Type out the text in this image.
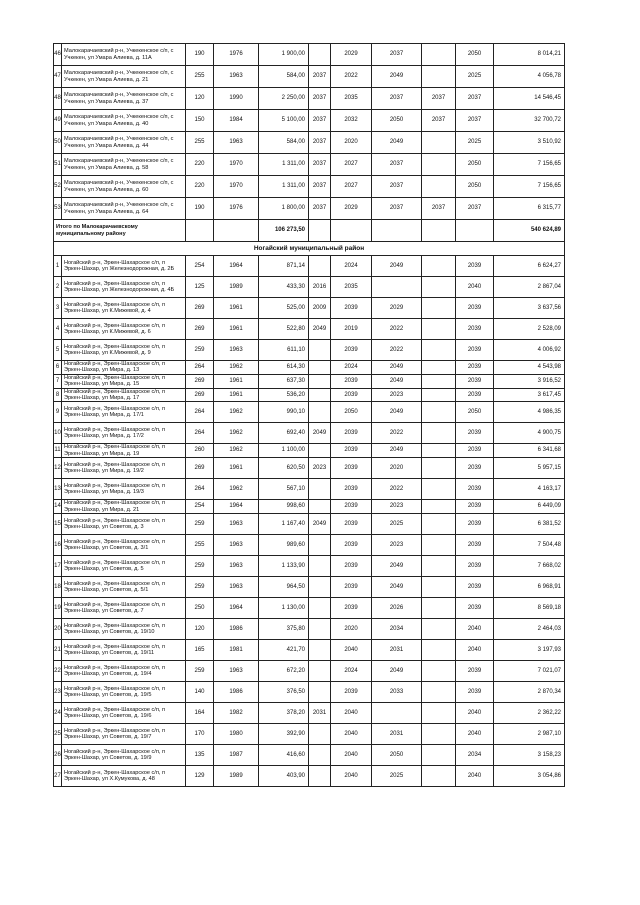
46	Малокарачаевский р-н, Учкекенское с/п, с Учкекен, ул Умара Алиева, д. 11А	190	1976	1 900,00		2029	2037		2050	8 014,21
47	Малокарачаевский р-н, Учкекенское с/п, с Учкекен, ул Умара Алиева, д. 21	255	1963	584,00	2037	2022	2049		2025	4 056,78
48	Малокарачаевский р-н, Учкекенское с/п, с Учкекен, ул Умара Алиева, д. 37	120	1990	2 250,00	2037	2035	2037	2037	2037	14 546,45
49	Малокарачаевский р-н, Учкекенское с/п, с Учкекен, ул Умара Алиева, д. 40	150	1984	5 100,00	2037	2032	2050	2037	2037	32 700,72
50	Малокарачаевский р-н, Учкекенское с/п, с Учкекен, ул Умара Алиева, д. 44	255	1963	584,00	2037	2020	2049		2025	3 510,92
51	Малокарачаевский р-н, Учкекенское с/п, с Учкекен, ул Умара Алиева, д. 58	220	1970	1 311,00	2037	2027	2037		2050	7 156,65
52	Малокарачаевский р-н, Учкекенское с/п, с Учкекен, ул Умара Алиева, д. 60	220	1970	1 311,00	2037	2027	2037		2050	7 156,65
53	Малокарачаевский р-н, Учкекенское с/п, с Учкекен, ул Умара Алиева, д. 64	190	1976	1 800,00	2037	2029	2037	2037	2037	6 315,77
Итого по Малокарачаевскому муниципальному району				106 273,50						540 624,89
Ногайский муниципальный район										
1	Ногайский р-н, Эркен-Шахарское с/п, п Эркен-Шахар, ул Железнодорожная, д. 2Б	254	1964	871,14		2024	2049		2039	6 624,27
2	Ногайский р-н, Эркен-Шахарское с/п, п Эркен-Шахар, ул Железнодорожная, д. 4Б	125	1989	433,30	2016	2035			2040	2 867,04
3	Ногайский р-н, Эркен-Шахарское с/п, п Эркен-Шахар, ул К.Мижевой, д. 4	269	1961	525,00	2009	2039	2029		2039	3 637,56
4	Ногайский р-н, Эркен-Шахарское с/п, п Эркен-Шахар, ул К.Мижевой, д. 6	269	1961	522,80	2049	2019	2022		2039	2 528,09
5	Ногайский р-н, Эркен-Шахарское с/п, п Эркен-Шахар, ул К.Мижевой, д. 9	259	1963	611,10		2039	2022		2039	4 006,92
6	Ногайский р-н, Эркен-Шахарское с/п, п Эркен-Шахар, ул Мира, д. 13	264	1962	614,30		2024	2049		2039	4 543,98
7	Ногайский р-н, Эркен-Шахарское с/п, п Эркен-Шахар, ул Мира, д. 15	269	1961	637,30		2039	2049		2039	3 916,52
8	Ногайский р-н, Эркен-Шахарское с/п, п Эркен-Шахар, ул Мира, д. 17	269	1961	536,20		2039	2023		2039	3 617,45
9	Ногайский р-н, Эркен-Шахарское с/п, п Эркен-Шахар, ул Мира, д. 17/1	264	1962	990,10		2050	2049		2050	4 986,35
10	Ногайский р-н, Эркен-Шахарское с/п, п Эркен-Шахар, ул Мира, д. 17/2	264	1962	692,40	2049	2039	2022		2039	4 900,75
11	Ногайский р-н, Эркен-Шахарское с/п, п Эркен-Шахар, ул Мира, д. 19	260	1962	1 100,00		2039	2049		2039	6 341,68
12	Ногайский р-н, Эркен-Шахарское с/п, п Эркен-Шахар, ул Мира, д. 19/2	269	1961	620,50	2023	2039	2020		2039	5 957,15
13	Ногайский р-н, Эркен-Шахарское с/п, п Эркен-Шахар, ул Мира, д. 19/3	264	1962	567,10		2039	2022		2039	4 163,17
14	Ногайский р-н, Эркен-Шахарское с/п, п Эркен-Шахар, ул Мира, д. 21	254	1964	998,60		2039	2023		2039	6 449,09
15	Ногайский р-н, Эркен-Шахарское с/п, п Эркен-Шахар, ул Советов, д. 3	259	1963	1 167,40	2049	2039	2025		2039	6 381,52
16	Ногайский р-н, Эркен-Шахарское с/п, п Эркен-Шахар, ул Советов, д. 3/1	255	1963	989,60		2039	2023		2039	7 504,48
17	Ногайский р-н, Эркен-Шахарское с/п, п Эркен-Шахар, ул Советов, д. 5	259	1963	1 133,90		2039	2049		2039	7 668,02
18	Ногайский р-н, Эркен-Шахарское с/п, п Эркен-Шахар, ул Советов, д. 5/1	259	1963	964,50		2039	2049		2039	6 968,91
19	Ногайский р-н, Эркен-Шахарское с/п, п Эркен-Шахар, ул Советов, д. 7	250	1964	1 130,00		2039	2026		2039	8 569,18
20	Ногайский р-н, Эркен-Шахарское с/п, п Эркен-Шахар, ул Советов, д. 19/10	120	1986	375,80		2020	2034		2040	2 464,03
21	Ногайский р-н, Эркен-Шахарское с/п, п Эркен-Шахар, ул Советов, д. 19/11	165	1981	421,70		2040	2031		2040	3 197,93
22	Ногайский р-н, Эркен-Шахарское с/п, п Эркен-Шахар, ул Советов, д. 19/4	259	1963	672,20		2024	2049		2039	7 021,07
23	Ногайский р-н, Эркен-Шахарское с/п, п Эркен-Шахар, ул Советов, д. 19/5	140	1986	376,50		2039	2033		2039	2 870,34
24	Ногайский р-н, Эркен-Шахарское с/п, п Эркен-Шахар, ул Советов, д. 19/6	164	1982	378,20	2031	2040			2040	2 362,22
25	Ногайский р-н, Эркен-Шахарское с/п, п Эркен-Шахар, ул Советов, д. 19/7	170	1980	392,90		2040	2031		2040	2 987,10
26	Ногайский р-н, Эркен-Шахарское с/п, п Эркен-Шахар, ул Советов, д. 19/9	135	1987	416,60		2040	2050		2034	3 158,23
27	Ногайский р-н, Эркен-Шахарское с/п, п Эркен-Шахар, ул Х.Кумукова, д. 48	129	1989	403,90		2040	2025		2040	3 054,86
